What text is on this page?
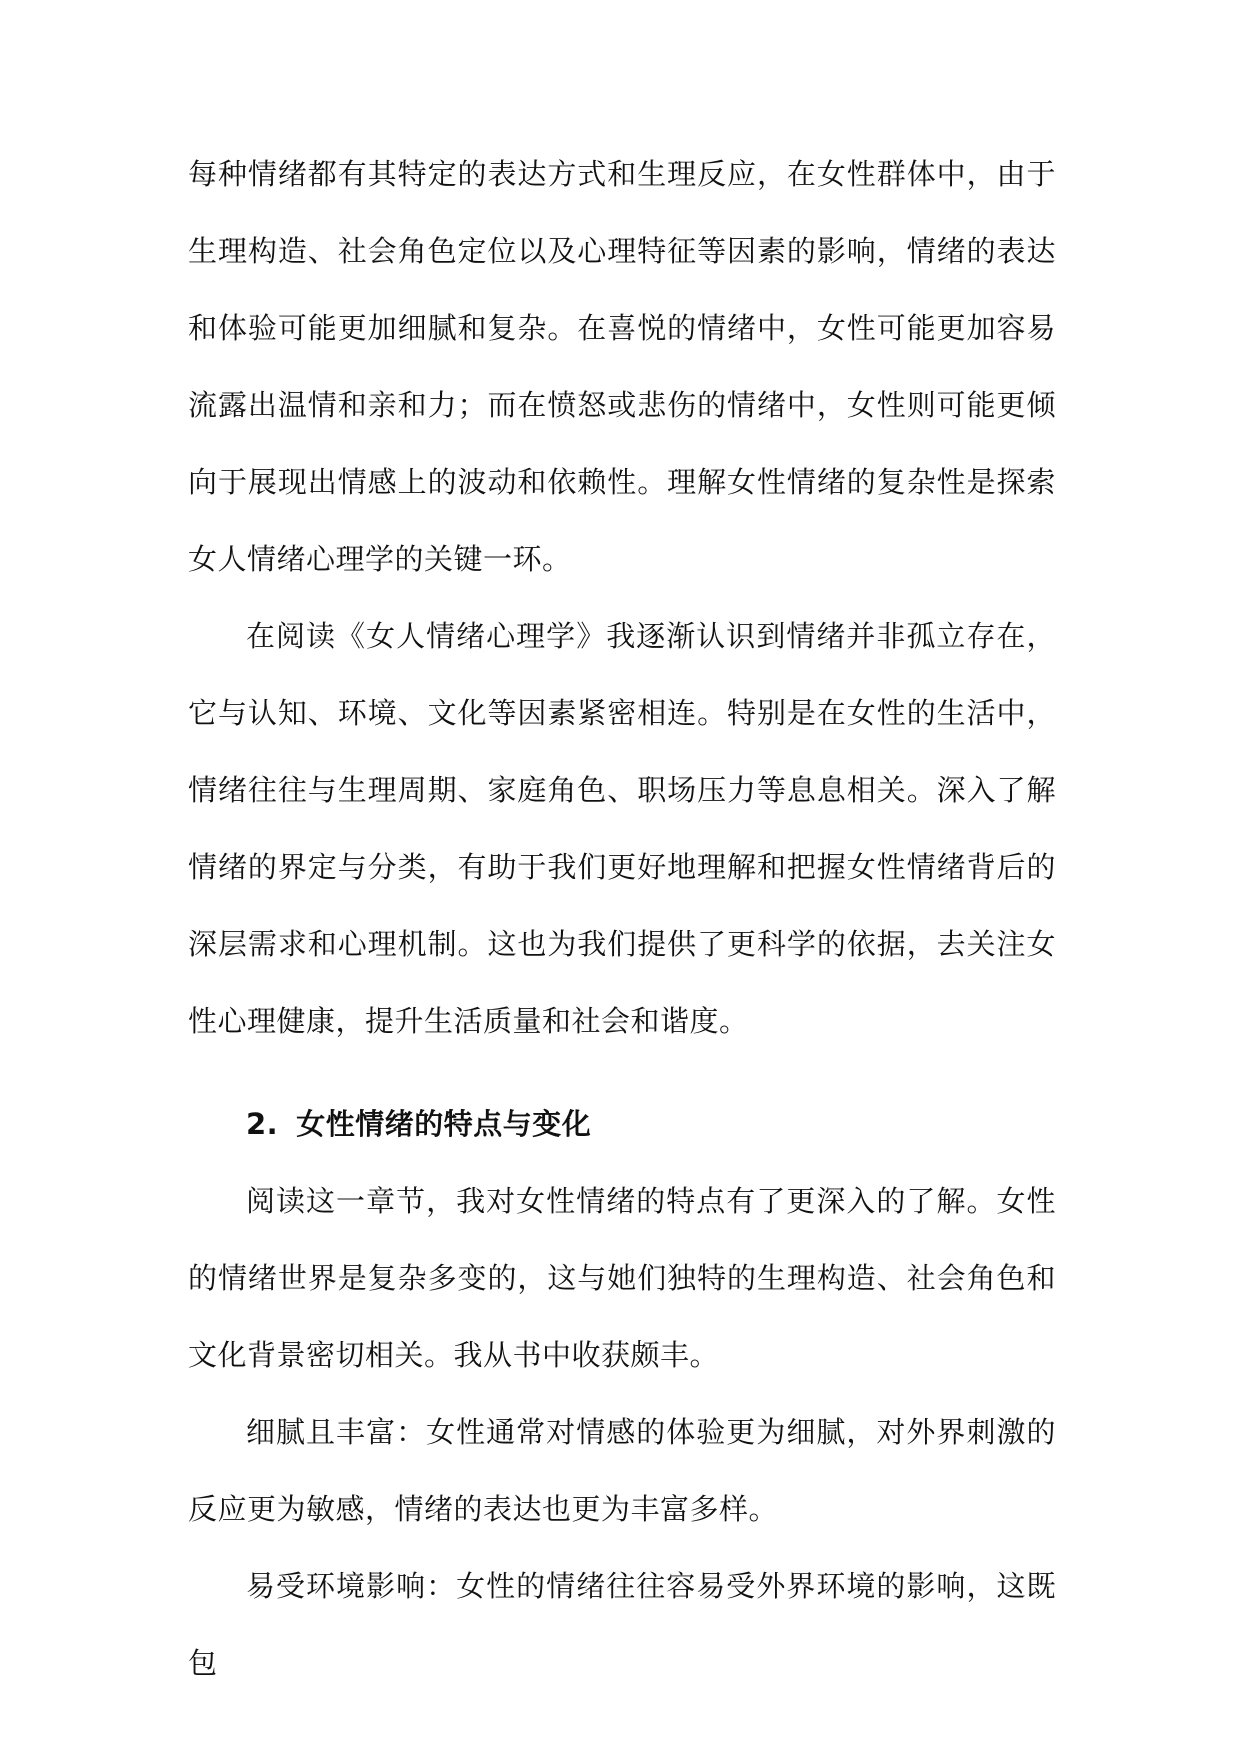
每种情绪都有其特定的表达方式和生理反应，在女性群体中，由于生理构造、社会角色定位以及心理特征等因素的影响，情绪的表达和体验可能更加细腻和复杂。在喜悦的情绪中，女性可能更加容易流露出温情和亲和力；而在愤怒或悲伤的情绪中，女性则可能更倾向于展现出情感上的波动和依赖性。理解女性情绪的复杂性是探索女人情绪心理学的关键一环。

在阅读《女人情绪心理学》我逐渐认识到情绪并非孤立存在，它与认知、环境、文化等因素紧密相连。特别是在女性的生活中，情绪往往与生理周期、家庭角色、职场压力等息息相关。深入了解情绪的界定与分类，有助于我们更好地理解和把握女性情绪背后的深层需求和心理机制。这也为我们提供了更科学的依据，去关注女性心理健康，提升生活质量和社会和谐度。

2. 女性情绪的特点与变化

阅读这一章节，我对女性情绪的特点有了更深入的了解。女性的情绪世界是复杂多变的，这与她们独特的生理构造、社会角色和文化背景密切相关。我从书中收获颇丰。

细腻且丰富：女性通常对情感的体验更为细腻，对外界刺激的反应更为敏感，情绪的表达也更为丰富多样。

易受环境影响：女性的情绪往往容易受外界环境的影响，这既包
